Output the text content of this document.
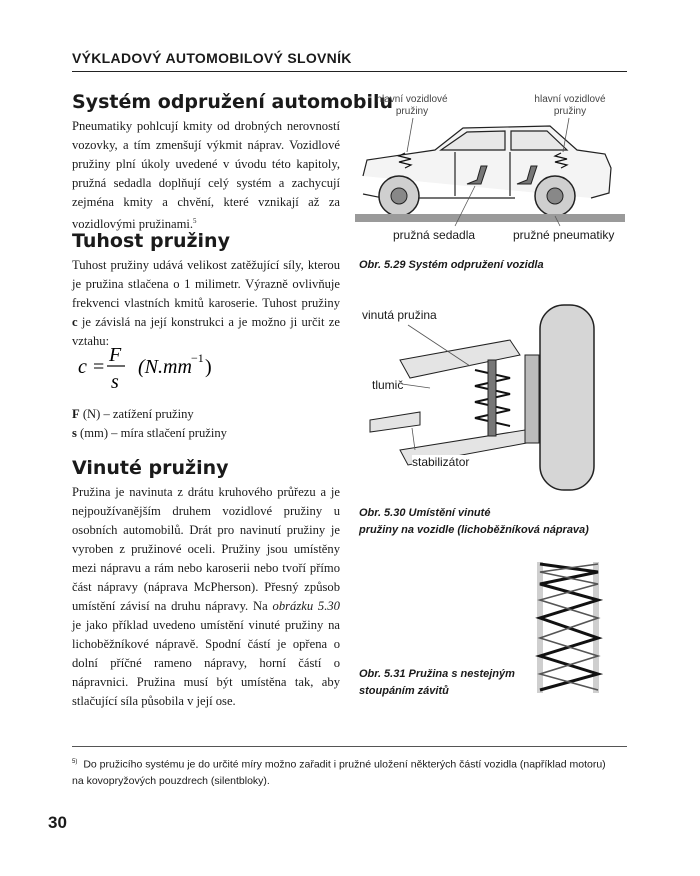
VÝKLADOVÝ AUTOMOBILOVÝ SLOVNÍK
Systém odpružení automobilu

Pneumatiky pohlcují kmity od drobných nerovností vozovky, a tím zmenšují výkmit náprav. Vozidlové pružiny plní úkoly uvedené v úvodu této kapitoly, pružná sedadla doplňují celý systém a zachycují zejména kmity a chvění, které vznikají až za vozidlovými pružinami.$^5$

Tuhost pružiny

Tuhost pružiny udává velikost zatěžující síly, kterou je pružina stlačena o 1 milimetr. Výrazně ovlivňuje frekvenci vlastních kmitů karoserie. Tuhost pružiny c je závislá na její konstrukci a je možno ji určit ze vztahu:

c =
F
s
(N.mm −1 )
F (N) – zatížení pružiny
s (mm) – míra stlačení pružiny
Vinuté pružiny

Pružina je navinuta z drátu kruhového průřezu a je nejpoužívanějším druhem vozidlové pružiny u osobních automobilů. Drát pro navinutí pružiny je vyroben z pružinové oceli. Pružiny jsou umístěny mezi nápravu a rám nebo karoserii nebo tvoří přímo část nápravy (náprava McPherson). Přesný způsob umístění závisí na druhu nápravy. Na obrázku 5.30 je jako příklad uvedeno umístění vinuté pružiny na lichoběžníkové nápravě. Spodní částí je opřena o dolní příčné rameno nápravy, horní částí o nápravnici. Pružina musí být umístěna tak, aby stlačující síla působila v její ose.

hlavní vozidlové pružiny
hlavní vozidlové pružiny
pružná sedadla	pružné pneumatiky
Obr. 5.29 Systém odpružení vozidla
vinutá pružina
tlumič
stabilizátor
Obr. 5.30 Umístění vinuté
pružiny na vozidle (lichoběžníková náprava)
Obr. 5.31 Pružina s nestejným
stoupáním závitů
$^{5)}$ Do pružicího systému je do určité míry možno zařadit i pružné uložení některých částí vozidla (například motoru) na kovopryžových pouzdrech (silentbloky).
30
